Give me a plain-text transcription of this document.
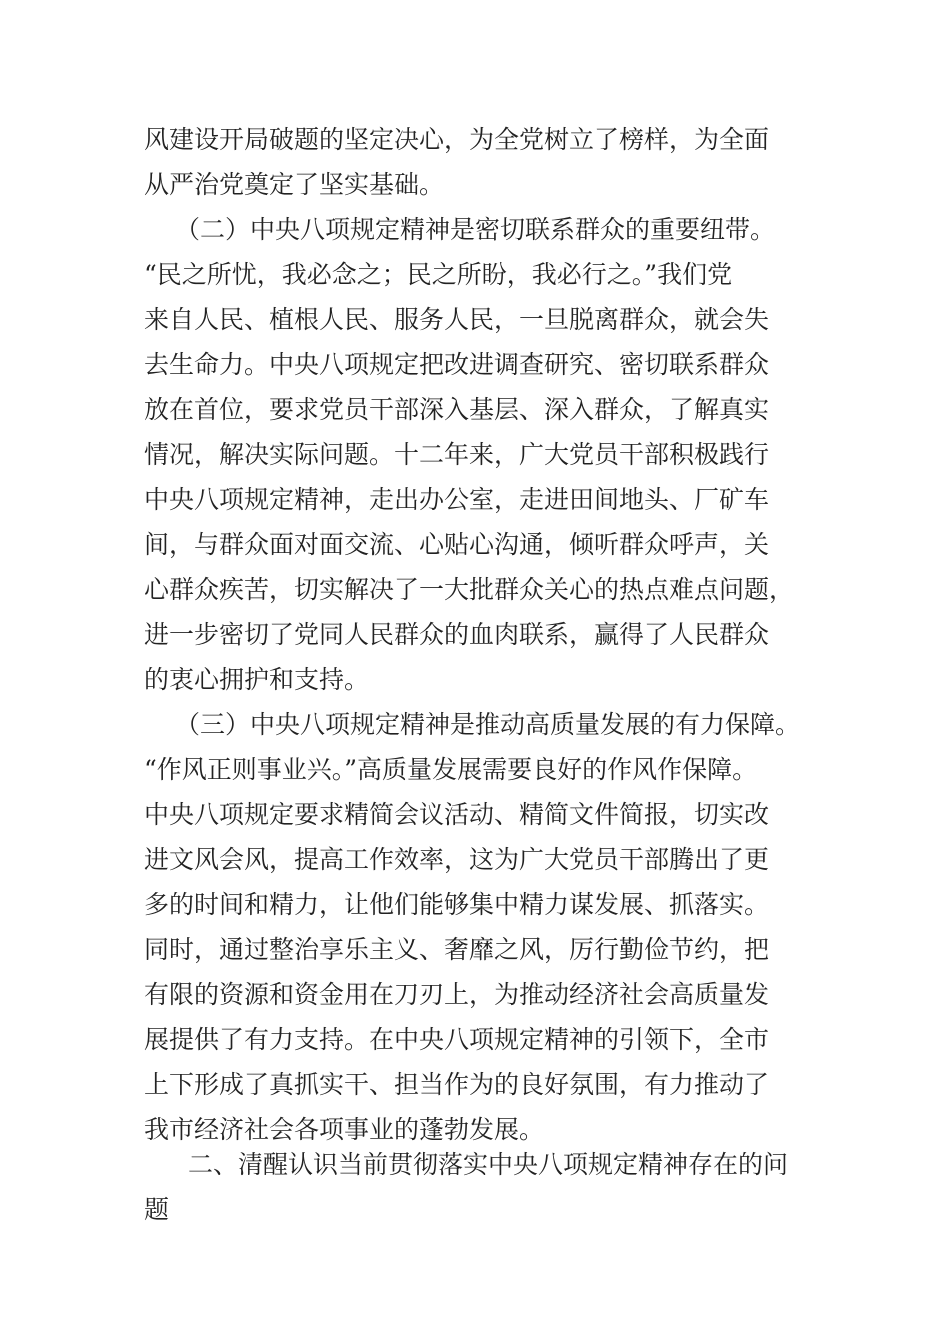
风建设开局破题的坚定决心，为全党树立了榜样，为全面
从严治党奠定了坚实基础。
（二）中央八项规定精神是密切联系群众的重要纽带。
“民之所忧，我必念之；民之所盼，我必行之。”我们党
来自人民、植根人民、服务人民，一旦脱离群众，就会失
去生命力。中央八项规定把改进调查研究、密切联系群众
放在首位，要求党员干部深入基层、深入群众，了解真实
情况，解决实际问题。十二年来，广大党员干部积极践行
中央八项规定精神，走出办公室，走进田间地头、厂矿车
间，与群众面对面交流、心贴心沟通，倾听群众呼声，关
心群众疾苦，切实解决了一大批群众关心的热点难点问题，
进一步密切了党同人民群众的血肉联系，赢得了人民群众
的衷心拥护和支持。
（三）中央八项规定精神是推动高质量发展的有力保障。
“作风正则事业兴。”高质量发展需要良好的作风作保障。
中央八项规定要求精简会议活动、精简文件简报，切实改
进文风会风，提高工作效率，这为广大党员干部腾出了更
多的时间和精力，让他们能够集中精力谋发展、抓落实。
同时，通过整治享乐主义、奢靡之风，厉行勤俭节约，把
有限的资源和资金用在刀刃上，为推动经济社会高质量发
展提供了有力支持。在中央八项规定精神的引领下，全市
上下形成了真抓实干、担当作为的良好氛围，有力推动了
我市经济社会各项事业的蓬勃发展。
二、清醒认识当前贯彻落实中央八项规定精神存在的问
题
